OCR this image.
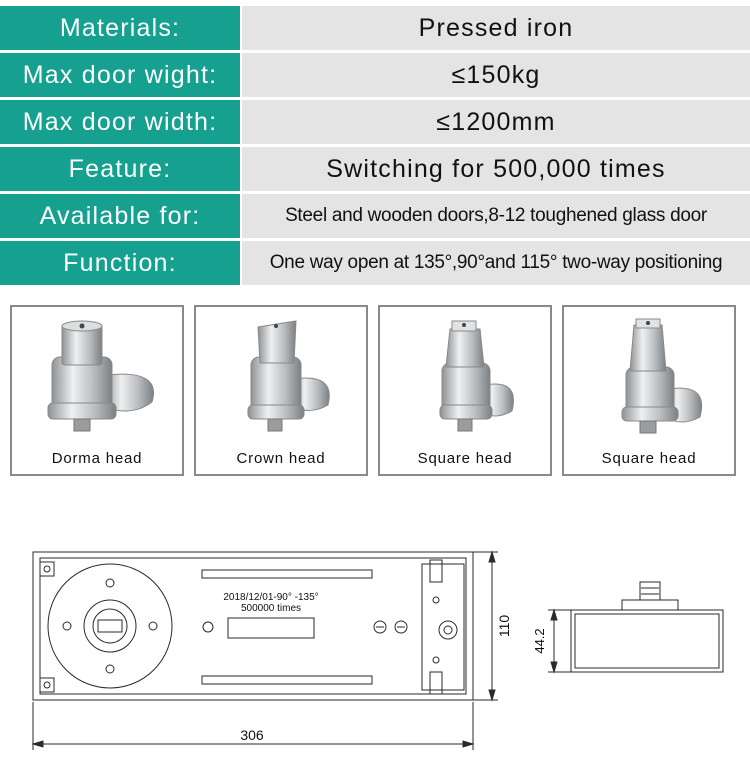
Materials:	Pressed iron
Max door wight:	≤150kg
Max door width:	≤1200mm
Feature:	Switching for 500,000 times
Available for:	Steel and wooden doors,8-12 toughened glass door
Function:	One way open at 135°,90°and 115° two-way positioning
Dorma head	Crown head	Square head	Square head
2018/12/01-90° -135°
500000 times
306
110
44.2
